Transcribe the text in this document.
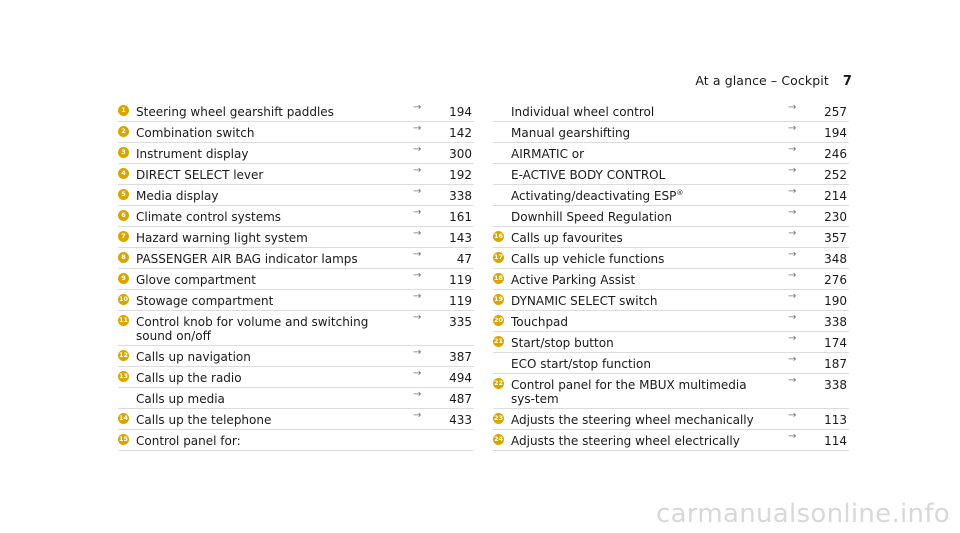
At a glance – Cockpit 7
1 Steering wheel gearshift paddles	→	194
2 Combination switch	→	142
3 Instrument display	→	300
4 DIRECT SELECT lever	→	192
5 Media display	→	338
6 Climate control systems	→	161
7 Hazard warning light system	→	143
8 PASSENGER AIR BAG indicator lamps	→	47
9 Glove compartment	→	119
10 Stowage compartment	→	119
11 Control knob for volume and switching sound on/off
→	335
12 Calls up navigation	→	387
13 Calls up the radio	→	494
Calls up media	→	487
14 Calls up the telephone	→	433
15 Control panel for:
Individual wheel control	→	257
Manual gearshifting	→	194
AIRMATIC or	→	246
E-ACTIVE BODY CONTROL	→	252
Activating/deactivating ESP®	→	214
Downhill Speed Regulation	→	230
16 Calls up favourites	→	357
17 Calls up vehicle functions	→	348
18 Active Parking Assist	→	276
19 DYNAMIC SELECT switch	→	190
20 Touchpad	→	338
21 Start/stop button	→	174
ECO start/stop function	→	187
22 Control panel for the MBUX multimedia sys-tem
→	338
23 Adjusts the steering wheel mechanically	→	113
24 Adjusts the steering wheel electrically	→	114
carmanualsonline.info
